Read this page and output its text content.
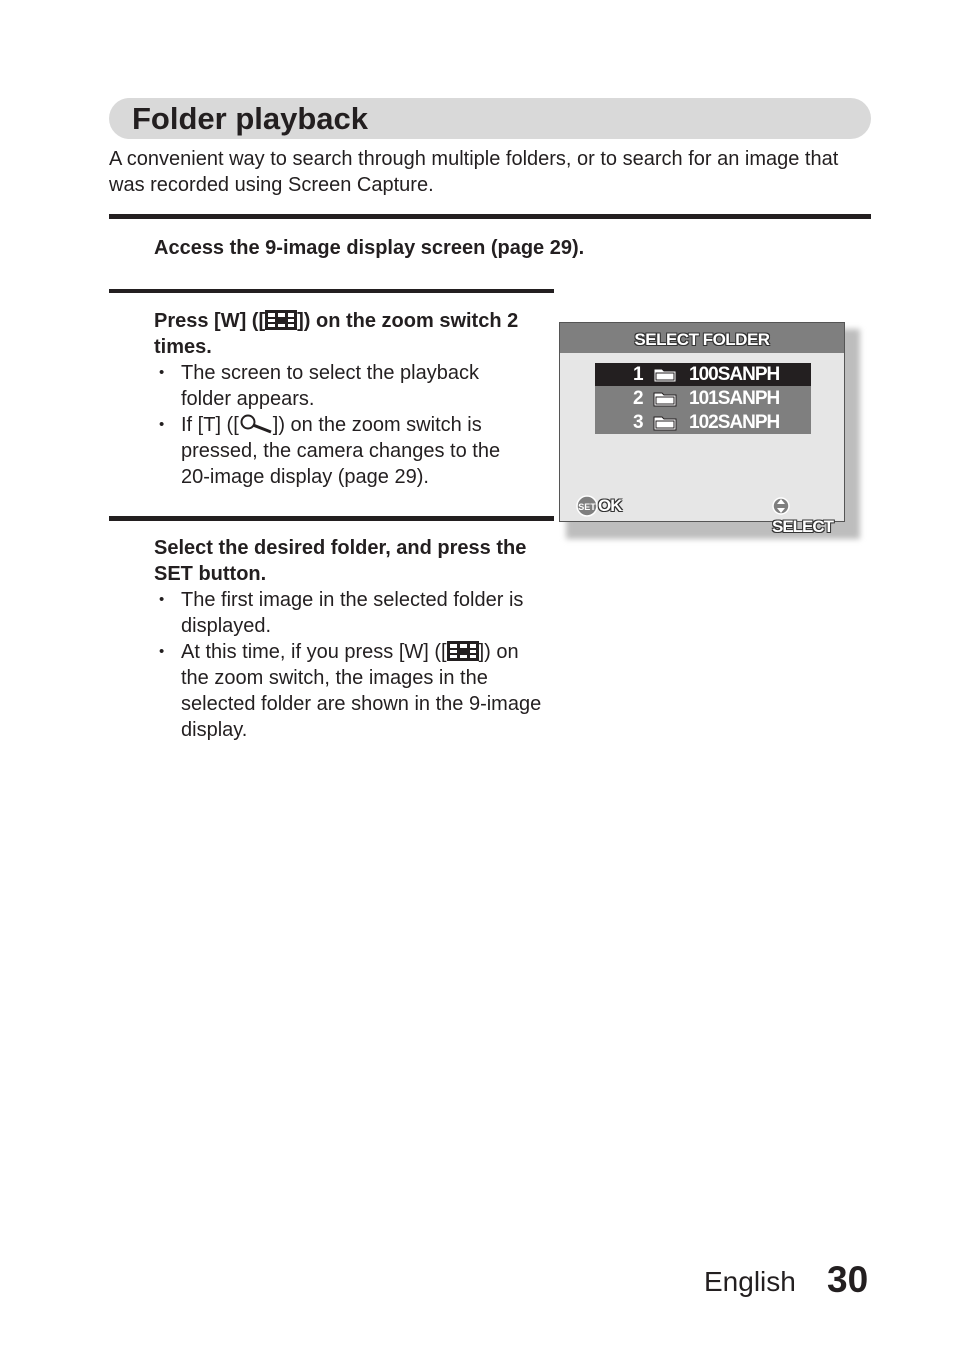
Folder playback
A convenient way to search through multiple folders, or to search for an image that was recorded using Screen Capture.
Access the 9-image display screen (page 29).
Press [W] ([ ]) on the zoom switch 2 times.
• The screen to select the playback folder appears.
• If [T] ([ ]) on the zoom switch is pressed, the camera changes to the 20-image display (page 29).
Select the desired folder, and press the SET button.
• The first image in the selected folder is displayed.
• At this time, if you press [W] ([ ]) on the zoom switch, the images in the selected folder are shown in the 9-image display.
SELECT FOLDER
1 100SANPH
2 101SANPH
3 102SANPH
SET OK
SELECT
English 30
